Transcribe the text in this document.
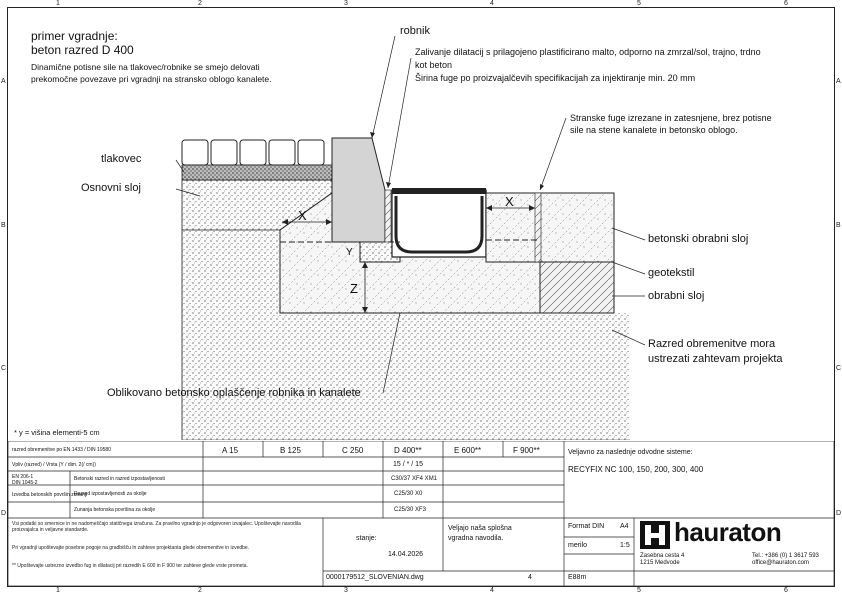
1	2	3	4	5	6
1	2	3	4	5	6
A
B
C
D
A
B
C
D
primer vgradnje:
beton razred D 400
Dinamične potisne sile na tlakovec/robnike se smejo delovati
prekomočne povezave pri vgradnji na stransko oblogo kanalete.
robnik
Zalivanje dilatacij s prilagojeno plastificirano malto, odporno na zmrzal/sol, trajno, trdno
kot beton
Širina fuge po proizvajalčevih specifikacijah za injektiranje min. 20 mm
Stranske fuge izrezane in zatesnjene, brez potisne
sile na stene kanalete in betonsko oblogo.
tlakovec
Osnovni sloj
betonski obrabni sloj
geotekstil
obrabni sloj
Razred obremenitve mora
ustrezati zahtevam projekta
Oblikovano betonsko oplaščenje robnika in kanalete
* y = višina elementi-5 cm
X
X
Y
Z
razred obremenitve po EN 1433 / DIN 19580	A 15	B 125	C 250	D 400**	E 600**	F 900**
Vpliv (razred) / Vrsta (Y / dim. 2(/ cm))	15 / * / 15
EN 206-1
DIN 1045-2
Betonski razred in razred izpostavljenosti	C30/37 XF4 XM1
Izvedba betonskih površin zunanji
Razred izpostavljenosti za okolje	C25/30 X0
Zunanja betonska površina za okolje	C25/30 XF3
Veljavno za naslednje odvodne sisteme:
RECYFIX NC 100, 150, 200, 300, 400
Vsi podatki so smernice in ne nadomeščajo statičnega izračuna. Za pravilno vgradnjo je odgovoren izvajalec. Upoštevajte navodila proizvajalca in veljavne standarde.
Pri vgradnji upoštevajte posebne pogoje na gradbišču in zahteve projektanta glede obremenitve in izvedbe.
** Upoštevajte ustrezno izvedbo fug in dilatacij pri razredih E 600 in F 900 ter zahteve glede vrste prometa.
stanje:
14.04.2026
Veljajo naša splošna
vgradna navodila.
Format DIN A4
merilo	1:5
0000179512_SLOVENIAN.dwg	4	E88m
hauraton
Zasebna cesta 4
1215 Medvode
Tel.: +386 (0) 1 3617 593
office@hauraton.com
